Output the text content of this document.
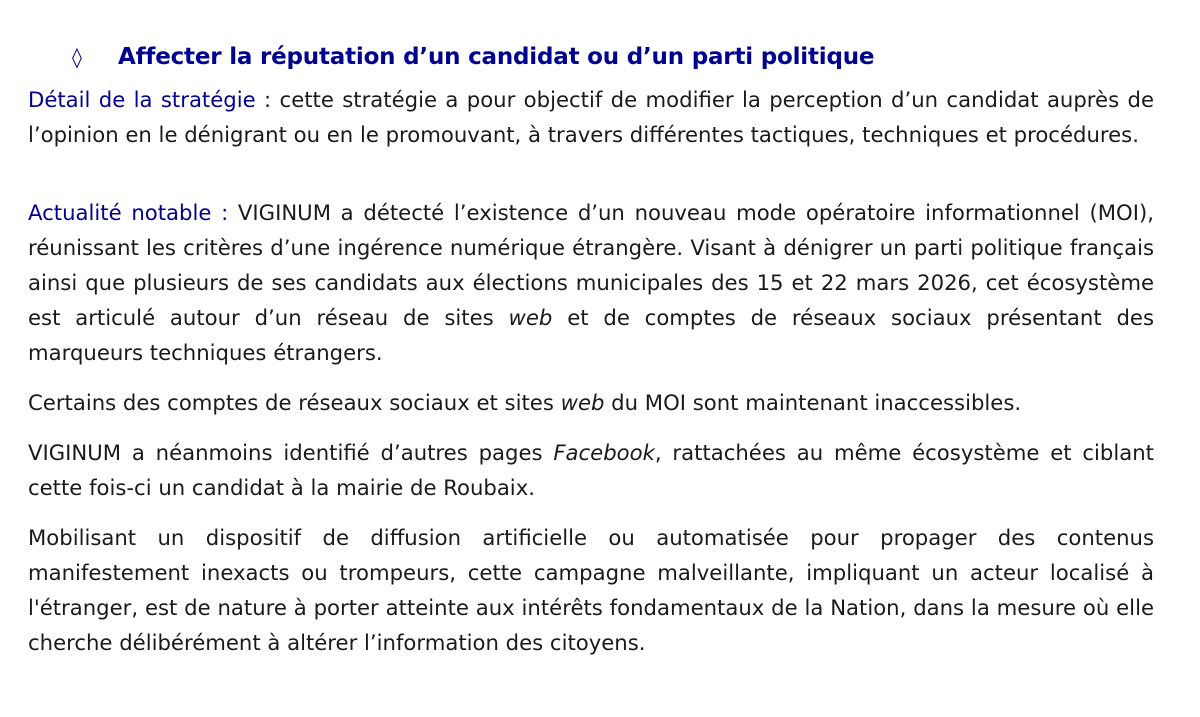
◊	Affecter la réputation d’un candidat ou d’un parti politique

Détail de la stratégie : cette stratégie a pour objectif de modifier la perception d’un candidat auprès de l’opinion en le dénigrant ou en le promouvant, à travers différentes tactiques, techniques et procédures.

Actualité notable : VIGINUM a détecté l’existence d’un nouveau mode opératoire informationnel (MOI), réunissant les critères d’une ingérence numérique étrangère. Visant à dénigrer un parti politique français ainsi que plusieurs de ses candidats aux élections municipales des 15 et 22 mars 2026, cet écosystème est articulé autour d’un réseau de sites web et de comptes de réseaux sociaux présentant des marqueurs techniques étrangers.

Certains des comptes de réseaux sociaux et sites web du MOI sont maintenant inaccessibles.

VIGINUM a néanmoins identifié d’autres pages Facebook, rattachées au même écosystème et ciblant cette fois-ci un candidat à la mairie de Roubaix.

Mobilisant un dispositif de diffusion artificielle ou automatisée pour propager des contenus manifestement inexacts ou trompeurs, cette campagne malveillante, impliquant un acteur localisé à l'étranger, est de nature à porter atteinte aux intérêts fondamentaux de la Nation, dans la mesure où elle cherche délibérément à altérer l’information des citoyens.
